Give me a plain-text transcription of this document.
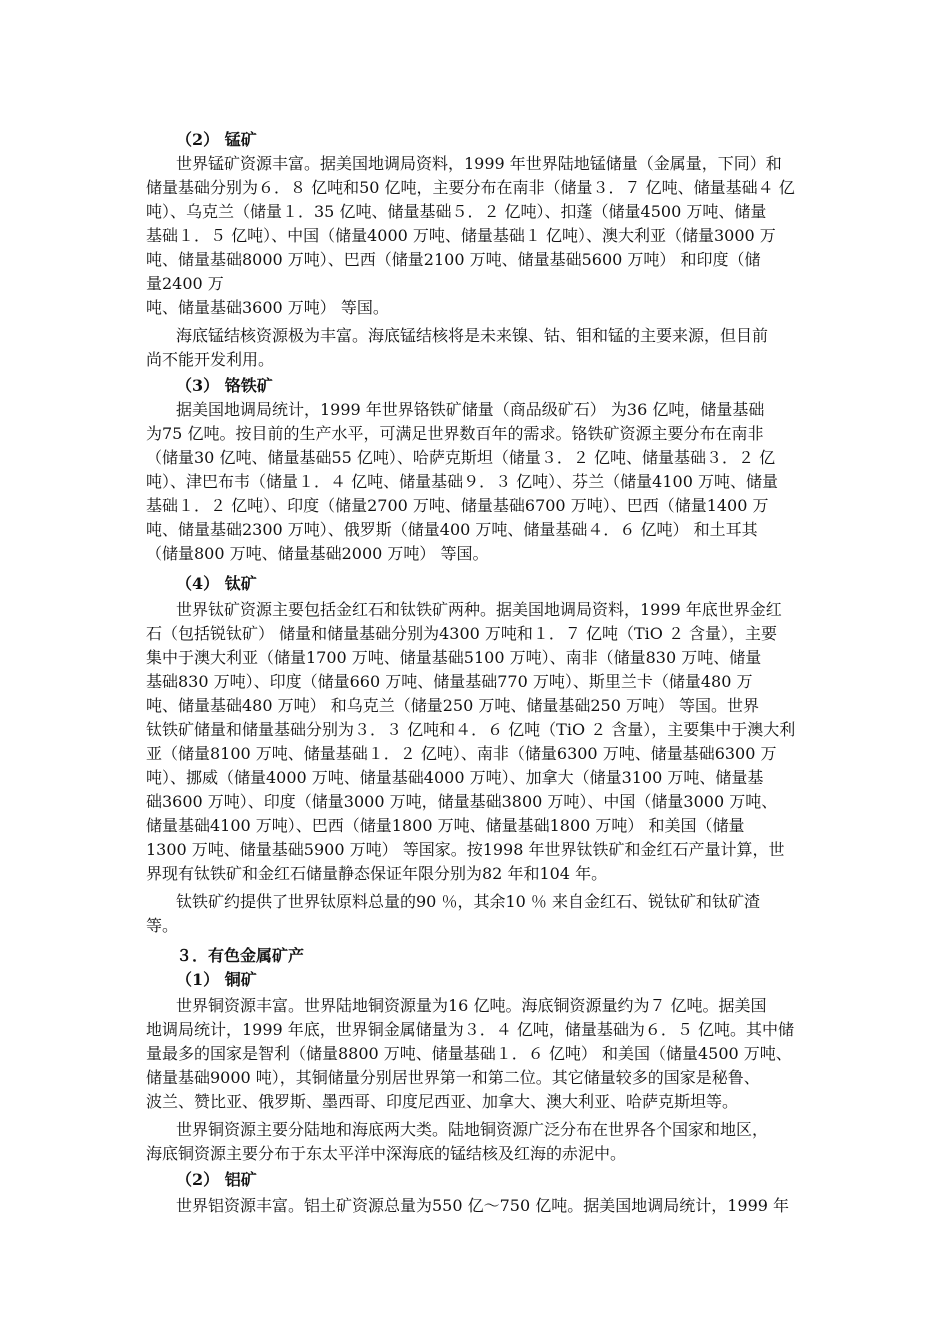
（2） 锰矿
世界锰矿资源丰富。据美国地调局资料，1999 年世界陆地锰储量（金属量，下同）和
储量基础分别为６．８ 亿吨和50 亿吨，主要分布在南非（储量３．７ 亿吨、储量基础４ 亿
吨）、乌克兰（储量１．35 亿吨、储量基础５．２ 亿吨）、扣蓬（储量4500 万吨、储量
基础１．５ 亿吨）、中国（储量4000 万吨、储量基础１ 亿吨）、澳大利亚（储量3000 万
吨、储量基础8000 万吨）、巴西（储量2100 万吨、储量基础5600 万吨） 和印度（储
量2400 万
吨、储量基础3600 万吨） 等国。
海底锰结核资源极为丰富。海底锰结核将是未来镍、钴、钼和锰的主要来源，但目前
尚不能开发利用。
（3） 铬铁矿
据美国地调局统计，1999 年世界铬铁矿储量（商品级矿石） 为36 亿吨，储量基础
为75 亿吨。按目前的生产水平，可满足世界数百年的需求。铬铁矿资源主要分布在南非
（储量30 亿吨、储量基础55 亿吨）、哈萨克斯坦（储量３．２ 亿吨、储量基础３．２ 亿
吨）、津巴布韦（储量１．４ 亿吨、储量基础９．３ 亿吨）、芬兰（储量4100 万吨、储量
基础１．２ 亿吨）、印度（储量2700 万吨、储量基础6700 万吨）、巴西（储量1400 万
吨、储量基础2300 万吨）、俄罗斯（储量400 万吨、储量基础４．６ 亿吨） 和土耳其
（储量800 万吨、储量基础2000 万吨） 等国。
（4） 钛矿
世界钛矿资源主要包括金红石和钛铁矿两种。据美国地调局资料，1999 年底世界金红
石（包括锐钛矿） 储量和储量基础分别为4300 万吨和１．７ 亿吨（TiO ２ 含量），主要
集中于澳大利亚（储量1700 万吨、储量基础5100 万吨）、南非（储量830 万吨、储量
基础830 万吨）、印度（储量660 万吨、储量基础770 万吨）、斯里兰卡（储量480 万
吨、储量基础480 万吨） 和乌克兰（储量250 万吨、储量基础250 万吨） 等国。世界
钛铁矿储量和储量基础分别为３．３ 亿吨和４．６ 亿吨（TiO ２ 含量），主要集中于澳大利
亚（储量8100 万吨、储量基础１．２ 亿吨）、南非（储量6300 万吨、储量基础6300 万
吨）、挪威（储量4000 万吨、储量基础4000 万吨）、加拿大（储量3100 万吨、储量基
础3600 万吨）、印度（储量3000 万吨，储量基础3800 万吨）、中国（储量3000 万吨、
储量基础4100 万吨）、巴西（储量1800 万吨、储量基础1800 万吨） 和美国（储量
1300 万吨、储量基础5900 万吨） 等国家。按1998 年世界钛铁矿和金红石产量计算，世
界现有钛铁矿和金红石储量静态保证年限分别为82 年和104 年。
钛铁矿约提供了世界钛原料总量的90 ％，其余10 ％ 来自金红石、锐钛矿和钛矿渣
等。
３．有色金属矿产
（1） 铜矿
世界铜资源丰富。世界陆地铜资源量为16 亿吨。海底铜资源量约为７ 亿吨。据美国
地调局统计，1999 年底，世界铜金属储量为３．４ 亿吨，储量基础为６．５ 亿吨。其中储
量最多的国家是智利（储量8800 万吨、储量基础１．６ 亿吨） 和美国（储量4500 万吨、
储量基础9000 吨），其铜储量分别居世界第一和第二位。其它储量较多的国家是秘鲁、
波兰、赞比亚、俄罗斯、墨西哥、印度尼西亚、加拿大、澳大利亚、哈萨克斯坦等。
世界铜资源主要分陆地和海底两大类。陆地铜资源广泛分布在世界各个国家和地区，
海底铜资源主要分布于东太平洋中深海底的锰结核及红海的赤泥中。
（2） 铝矿
世界铝资源丰富。铝土矿资源总量为550 亿～750 亿吨。据美国地调局统计，1999 年
